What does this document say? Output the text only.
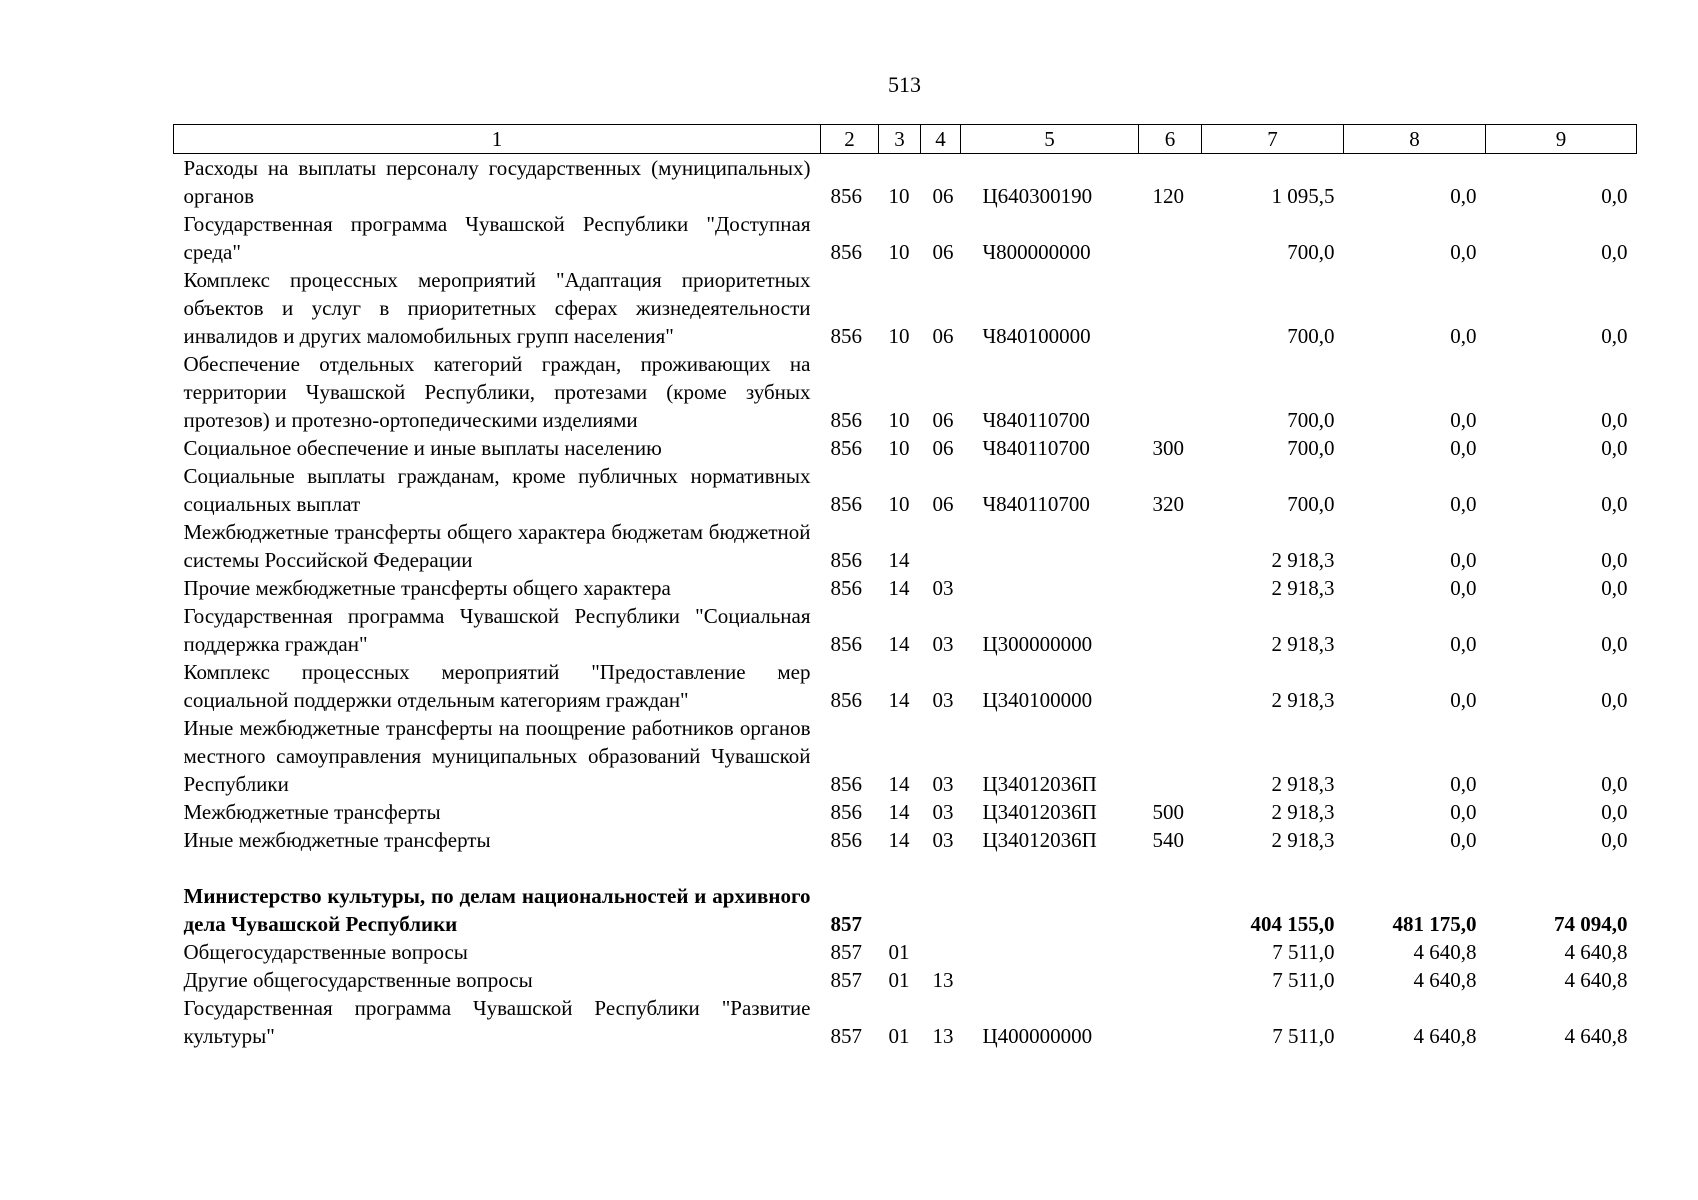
513
1	2	3	4	5	6	7	8	9
Расходы на выплаты персоналу государственных (муниципальных) органов	856	10	06	Ц640300190	120	1 095,5	0,0	0,0
Государственная программа Чувашской Республики "Доступная среда"	856	10	06	Ч800000000		700,0	0,0	0,0
Комплекс процессных мероприятий "Адаптация приоритетных объектов и услуг в приоритетных сферах жизнедеятельности инвалидов и других маломобильных групп населения"	856	10	06	Ч840100000		700,0	0,0	0,0
Обеспечение отдельных категорий граждан, проживающих на территории Чувашской Республики, протезами (кроме зубных протезов) и протезно-ортопедическими изделиями	856	10	06	Ч840110700		700,0	0,0	0,0
Социальное обеспечение и иные выплаты населению	856	10	06	Ч840110700	300	700,0	0,0	0,0
Социальные выплаты гражданам, кроме публичных нормативных социальных выплат	856	10	06	Ч840110700	320	700,0	0,0	0,0
Межбюджетные трансферты общего характера бюджетам бюджетной системы Российской Федерации	856	14				2 918,3	0,0	0,0
Прочие межбюджетные трансферты общего характера	856	14	03			2 918,3	0,0	0,0
Государственная программа Чувашской Республики "Социальная поддержка граждан"	856	14	03	Ц300000000		2 918,3	0,0	0,0
Комплекс процессных мероприятий "Предоставление мер социальной поддержки отдельным категориям граждан"	856	14	03	Ц340100000		2 918,3	0,0	0,0
Иные межбюджетные трансферты на поощрение работников органов местного самоуправления муниципальных образований Чувашской Республики	856	14	03	Ц34012036П		2 918,3	0,0	0,0
Межбюджетные трансферты	856	14	03	Ц34012036П	500	2 918,3	0,0	0,0
Иные межбюджетные трансферты	856	14	03	Ц34012036П	540	2 918,3	0,0	0,0

Министерство культуры, по делам национальностей и архивного дела Чувашской Республики	857					404 155,0	481 175,0	74 094,0
Общегосударственные вопросы	857	01				7 511,0	4 640,8	4 640,8
Другие общегосударственные вопросы	857	01	13			7 511,0	4 640,8	4 640,8
Государственная программа Чувашской Республики "Развитие культуры"	857	01	13	Ц400000000		7 511,0	4 640,8	4 640,8
